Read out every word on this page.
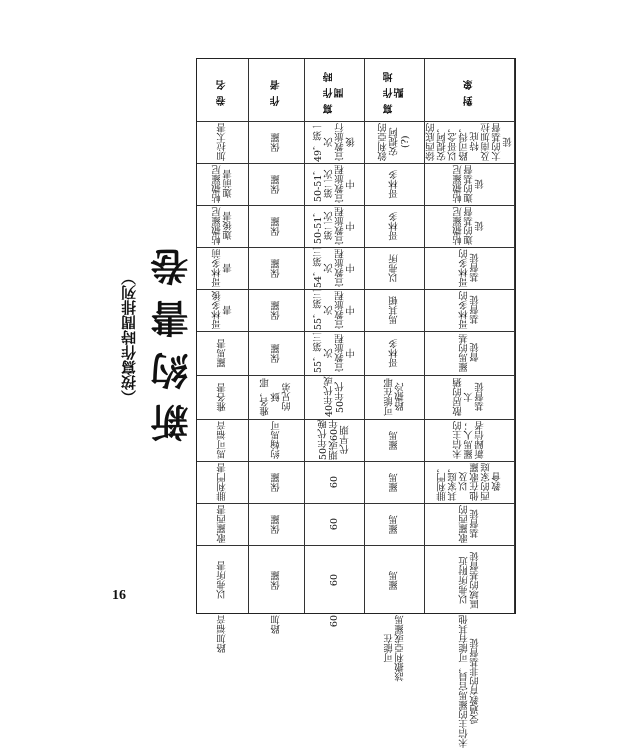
新約書卷
（按寫作時間排列）
16
卷名
加拉太書
帖撒羅尼迦前書
帖撒羅尼迦後書
哥林多前書
哥林多後書
羅馬書
雅各書
馬可福音
腓利門書
歌羅西書
以弗所書
路加福音
作者
保羅
保羅
保羅
保羅
保羅
保羅
雅各，耶穌
的兄弟
約翰馬可
保羅
保羅
保羅
路加
寫作時間
49，第一次
宣教旅行後
50-51，第二次
宣教旅程中
50-51，第二次
宣教旅程中
54，第三次
宣教旅程中
55，第三次
宣教旅程中
55，第三次
宣教旅程中
40年代或50年代
50年代晚期或60年代早期
60
60
60
60
寫作地點
敘利亞的安提阿
(?)
哥林多
哥林多
以弗所
馬其頓
哥林多
可能在耶路撒冷
羅馬
羅馬
羅馬
羅馬
可能在
該撒利亞或羅馬
對象
徐西底的安提阿，以哥念，路司得，特庇
及南加拉太的基督徒
帖撒羅尼迦的基督徒
帖撒羅尼迦的基督徒
哥林多的基督徒
哥林多的基督徒
羅馬的基督徒
散居的猶太
基督徒
未信主的羅馬人；
新歸信者
腓利門，其家庭，以及
他在歌羅西的家庭教會
歌羅西的基督徒
以弗所附近
區域的基督徒
未信主的羅馬官員，可能有其他
受過教育的非基督徒
